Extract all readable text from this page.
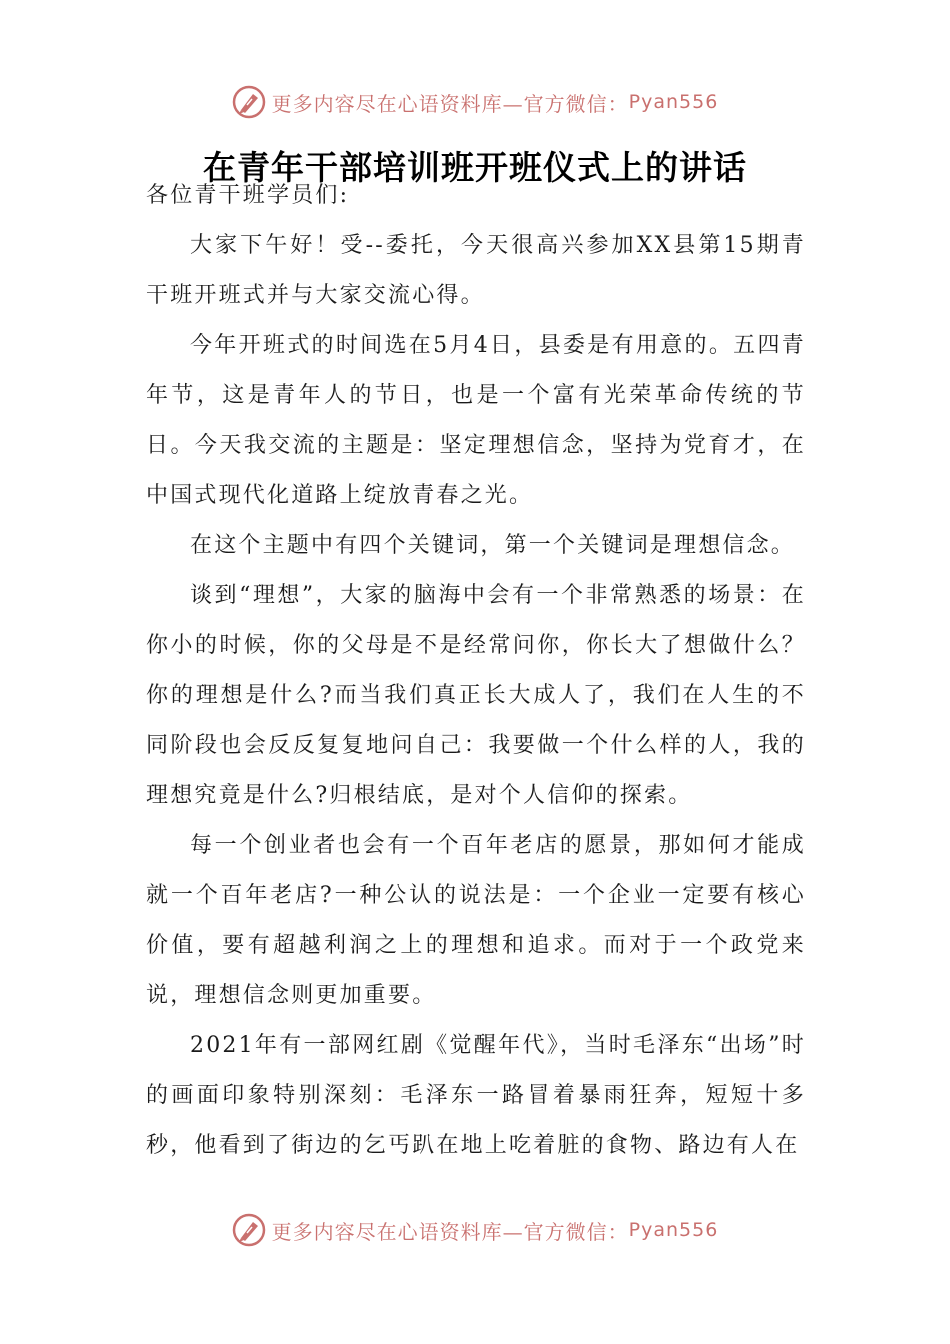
更多内容尽在心语资料库—官方微信： Pyan556
在青年干部培训班开班仪式上的讲话

各位青干班学员们:

大家下午好！受--委托，今天很高兴参加XX县第15期青干班开班式并与大家交流心得。

今年开班式的时间选在5月4日，县委是有用意的。五四青年节，这是青年人的节日，也是一个富有光荣革命传统的节日。今天我交流的主题是：坚定理想信念，坚持为党育才，在中国式现代化道路上绽放青春之光。

在这个主题中有四个关键词，第一个关键词是理想信念。

谈到“理想”，大家的脑海中会有一个非常熟悉的场景：在你小的时候，你的父母是不是经常问你，你长大了想做什么？你的理想是什么?而当我们真正长大成人了，我们在人生的不同阶段也会反反复复地问自己：我要做一个什么样的人，我的理想究竟是什么?归根结底，是对个人信仰的探索。

每一个创业者也会有一个百年老店的愿景，那如何才能成就一个百年老店?一种公认的说法是：一个企业一定要有核心价值，要有超越利润之上的理想和追求。而对于一个政党来说，理想信念则更加重要。

2021年有一部网红剧《觉醒年代》，当时毛泽东“出场”时的画面印象特别深刻：毛泽东一路冒着暴雨狂奔，短短十多秒，他看到了街边的乞丐趴在地上吃着脏的食物、路边有人在

更多内容尽在心语资料库—官方微信： Pyan556
